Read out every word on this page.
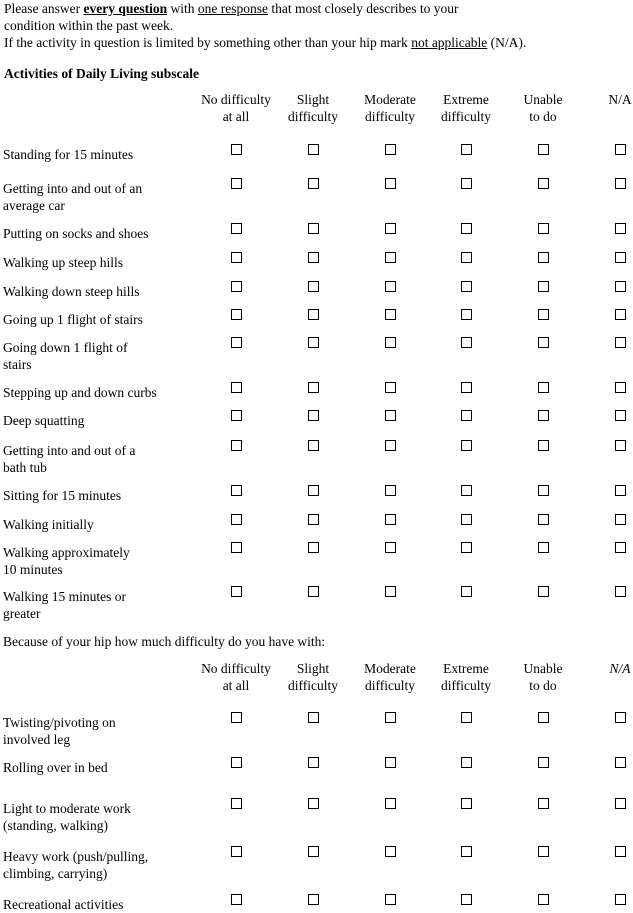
Please answer every question with one response that most closely describes to your

condition within the past week.

If the activity in question is limited by something other than your hip mark not applicable (N/A).

Activities of Daily Living subscale
No difficulty
at all
Slight
difficulty
Moderate
difficulty
Extreme
difficulty
Unable
to do
N/A
Standing for 15 minutes
Getting into and out of an
average car
Putting on socks and shoes
Walking up steep hills
Walking down steep hills
Going up 1 flight of stairs
Going down 1 flight of
stairs
Stepping up and down curbs
Deep squatting
Getting into and out of a
bath tub
Sitting for 15 minutes
Walking initially
Walking approximately
10 minutes
Walking 15 minutes or
greater
Because of your hip how much difficulty do you have with:
No difficulty
at all
Slight
difficulty
Moderate
difficulty
Extreme
difficulty
Unable
to do
N/A
Twisting/pivoting on
involved leg
Rolling over in bed
Light to moderate work
(standing, walking)
Heavy work (push/pulling,
climbing, carrying)
Recreational activities
